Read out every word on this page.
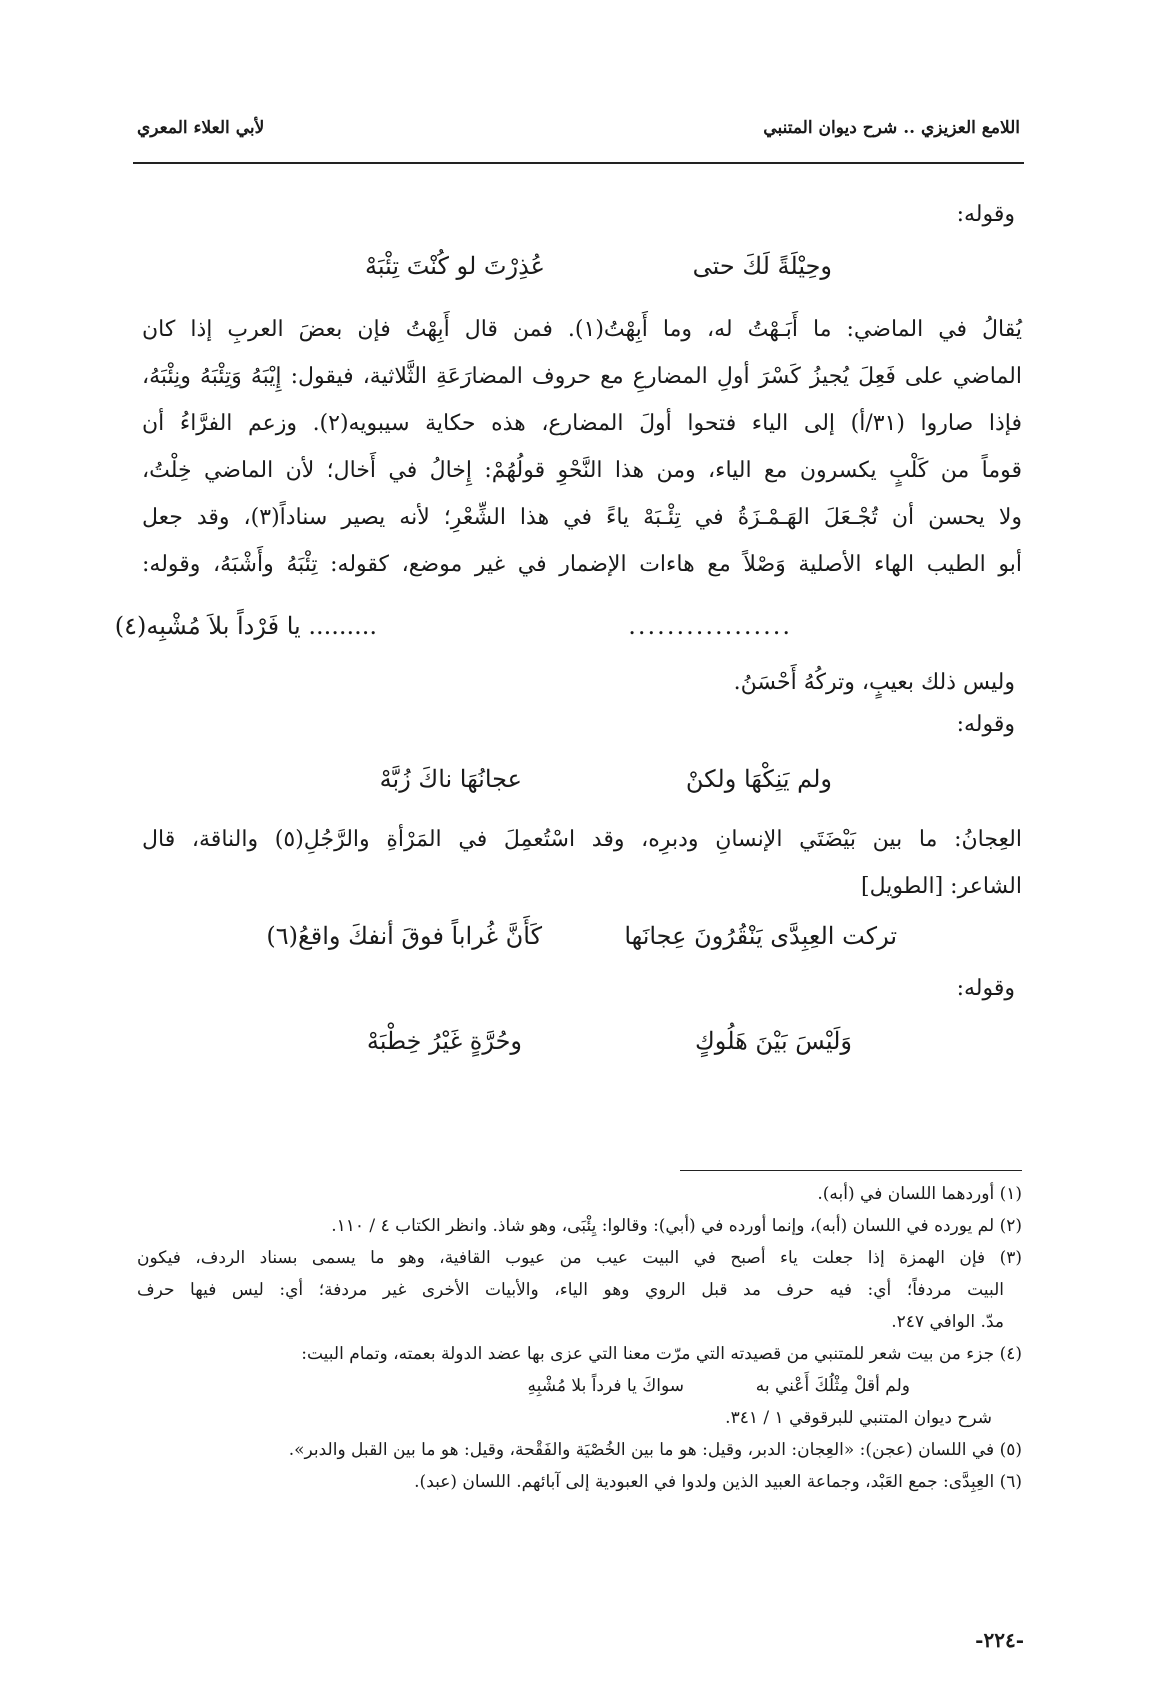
اللامع العزيزي .. شرح ديوان المتنبي
لأبي العلاء المعري
وقوله:
وحِيْلَةً لَكَ حتى
عُذِرْتَ لو كُنْتَ تِئْبَهْ
يُقالُ في الماضي: ما أَبَـهْتُ له، وما أَبِهْتُ(١). فمن قال أَبِهْتُ فإن بعضَ العربِ إذا كان
الماضي على فَعِلَ يُجيزُ كَسْرَ أولِ المضارعِ مع حروف المضارَعَةِ الثَّلاثية، فيقول: إِيْبَهُ وَتِئْبَهُ ونِئْبَهُ،
فإذا صاروا (٣١/أ) إلى الياء فتحوا أولَ المضارع، هذه حكاية سيبويه(٢). وزعم الفرَّاءُ أن
قوماً من كَلْبٍ يكسرون مع الياء، ومن هذا النَّحْوِ قولُهُمْ: إِخالُ في أَخال؛ لأن الماضي خِلْتُ،
ولا يحسن أن تُجْـعَلَ الهَـمْـزَةُ في تِئْـبَهْ ياءً في هذا الشِّعْرِ؛ لأنه يصير سناداً(٣)، وقد جعل
أبو الطيب الهاء الأصلية وَصْلاً مع هاءات الإضمار في غير موضع، كقوله: تِئْبَهُ وأَشْبَهُ، وقوله:
.................
......... يا فَرْداً بلاَ مُشْبِه(٤)
وليس ذلك بعيبٍ، وتركُهُ أَحْسَنُ.
وقوله:
ولم يَنِكْهَا ولكنْ
عجانُهَا ناكَ زُبَّهْ
العِجانُ: ما بين بَيْضَتَي الإنسانِ ودبرِه، وقد اسْتُعمِلَ في المَرْأةِ والرَّجُلِ(٥) والناقة، قال
الشاعر: [الطويل]
تركت العِبِدَّى يَنْقُرُونَ عِجانَها
كَأَنَّ غُراباً فوقَ أنفكَ واقعُ(٦)
وقوله:
وَلَيْسَ بَيْنَ هَلُوكٍ
وحُرَّةٍ غَيْرُ خِطْبَهْ
(١) أوردهما اللسان في (أبه).
(٢) لم يورده في اللسان (أبه)، وإنما أورده في (أبي): وقالوا: يِئْبَى، وهو شاذ. وانظر الكتاب ٤ / ١١٠.
(٣) فإن الهمزة إذا جعلت ياء أصبح في البيت عيب من عيوب القافية، وهو ما يسمى بسناد الردف، فيكون
البيت مردفاً؛ أي: فيه حرف مد قبل الروي وهو الياء، والأبيات الأخرى غير مردفة؛ أي: ليس فيها حرف
مدّ. الوافي ٢٤٧.
(٤) جزء من بيت شعر للمتنبي من قصيدته التي مرّت معنا التي عزى بها عضد الدولة بعمته، وتمام البيت:
ولم أقلْ مِثْلُكَ أَعْني به
سواكَ يا فرداً بلا مُشْبِهِ
شرح ديوان المتنبي للبرقوقي ١ / ٣٤١.
(٥) في اللسان (عجن): «العِجان: الدبر، وقيل: هو ما بين الخُصْيَة والفَقْحة، وقيل: هو ما بين القبل والدبر».
(٦) العِبِدَّى: جمع العَبْد، وجماعة العبيد الذين ولدوا في العبودية إلى آبائهم. اللسان (عبد).
-٢٢٤-
